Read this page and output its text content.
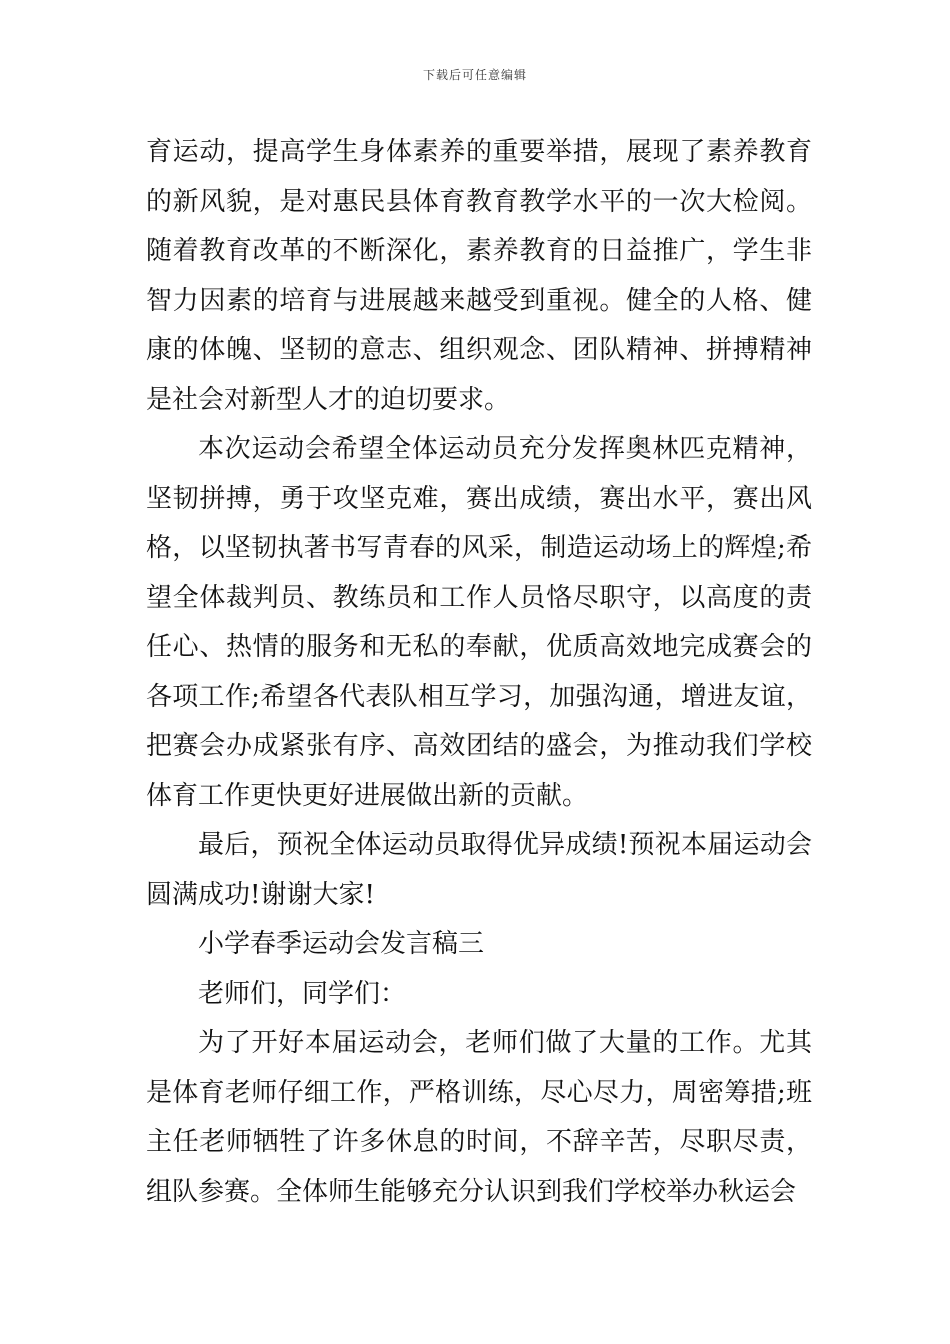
下载后可任意编辑

育运动，提高学生身体素养的重要举措，展现了素养教育的新风貌，是对惠民县体育教育教学水平的一次大检阅。随着教育改革的不断深化，素养教育的日益推广，学生非智力因素的培育与进展越来越受到重视。健全的人格、健康的体魄、坚韧的意志、组织观念、团队精神、拼搏精神是社会对新型人才的迫切要求。

本次运动会希望全体运动员充分发挥奥林匹克精神，坚韧拼搏，勇于攻坚克难，赛出成绩，赛出水平，赛出风格，以坚韧执著书写青春的风采，制造运动场上的辉煌;希望全体裁判员、教练员和工作人员恪尽职守，以高度的责任心、热情的服务和无私的奉献，优质高效地完成赛会的各项工作;希望各代表队相互学习，加强沟通，增进友谊，把赛会办成紧张有序、高效团结的盛会，为推动我们学校体育工作更快更好进展做出新的贡献。

最后，预祝全体运动员取得优异成绩!预祝本届运动会圆满成功!谢谢大家!

小学春季运动会发言稿三

老师们，同学们：

为了开好本届运动会，老师们做了大量的工作。尤其是体育老师仔细工作，严格训练，尽心尽力，周密筹措;班主任老师牺牲了许多休息的时间，不辞辛苦，尽职尽责，组队参赛。全体师生能够充分认识到我们学校举办秋运会
